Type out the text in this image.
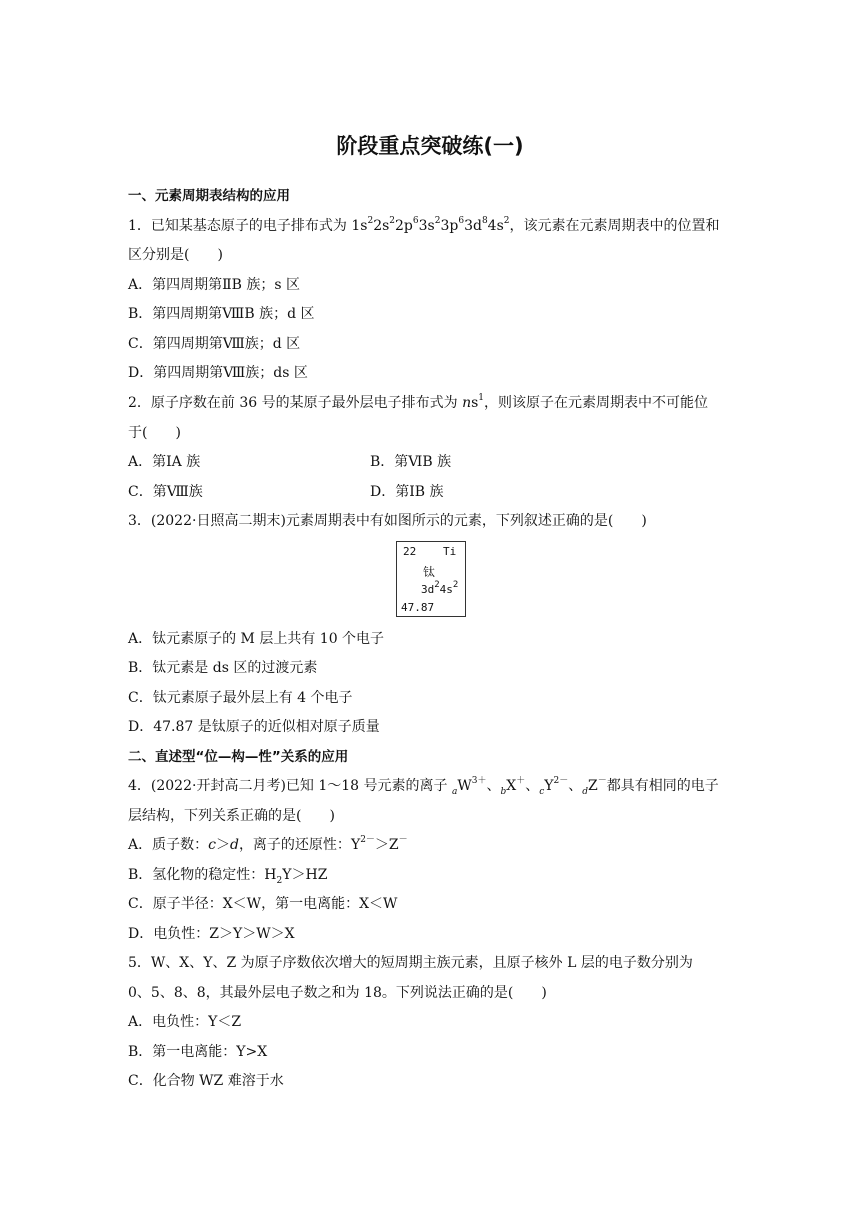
阶段重点突破练(一)
一、元素周期表结构的应用
1．已知某基态原子的电子排布式为 $1s^22s^22p^63s^23p^63d^84s^2$，该元素在元素周期表中的位置和
区分别是(　　)
A．第四周期第ⅡB 族；s 区
B．第四周期第ⅧB 族；d 区
C．第四周期第Ⅷ族；d 区
D．第四周期第Ⅷ族；ds 区
2．原子序数在前 36 号的某原子最外层电子排布式为 $ns^1$，则该原子在元素周期表中不可能位
于(　　)
A．第ⅠA 族	B．第ⅥB 族
C．第Ⅷ族	D．第ⅠB 族
3．(2022·日照高二期末)元素周期表中有如图所示的元素，下列叙述正确的是(　　)
22 Ti
钛
$3d^24s^2$
47.87
A．钛元素原子的 M 层上共有 10 个电子
B．钛元素是 ds 区的过渡元素
C．钛元素原子最外层上有 4 个电子
D．47.87 是钛原子的近似相对原子质量
二、直述型“位—构—性”关系的应用
4．(2022·开封高二月考)已知 1～18 号元素的离子 $_aW^{3+}$、$_b$X＋、$_cY^{2-}$、$_d$Z－都具有相同的电子
层结构，下列关系正确的是(　　)
A．质子数：c＞d，离子的还原性：$Y^{2-}>Z^-$
B．氢化物的稳定性：$H_2Y>HZ$
C．原子半径：X＜W，第一电离能：X＜W
D．电负性：Z＞Y＞W＞X
5．W、X、Y、Z 为原子序数依次增大的短周期主族元素，且原子核外 L 层的电子数分别为
0、5、8、8，其最外层电子数之和为 18。下列说法正确的是(　　)
A．电负性：Y＜Z
B．第一电离能：Y>X
C．化合物 WZ 难溶于水
